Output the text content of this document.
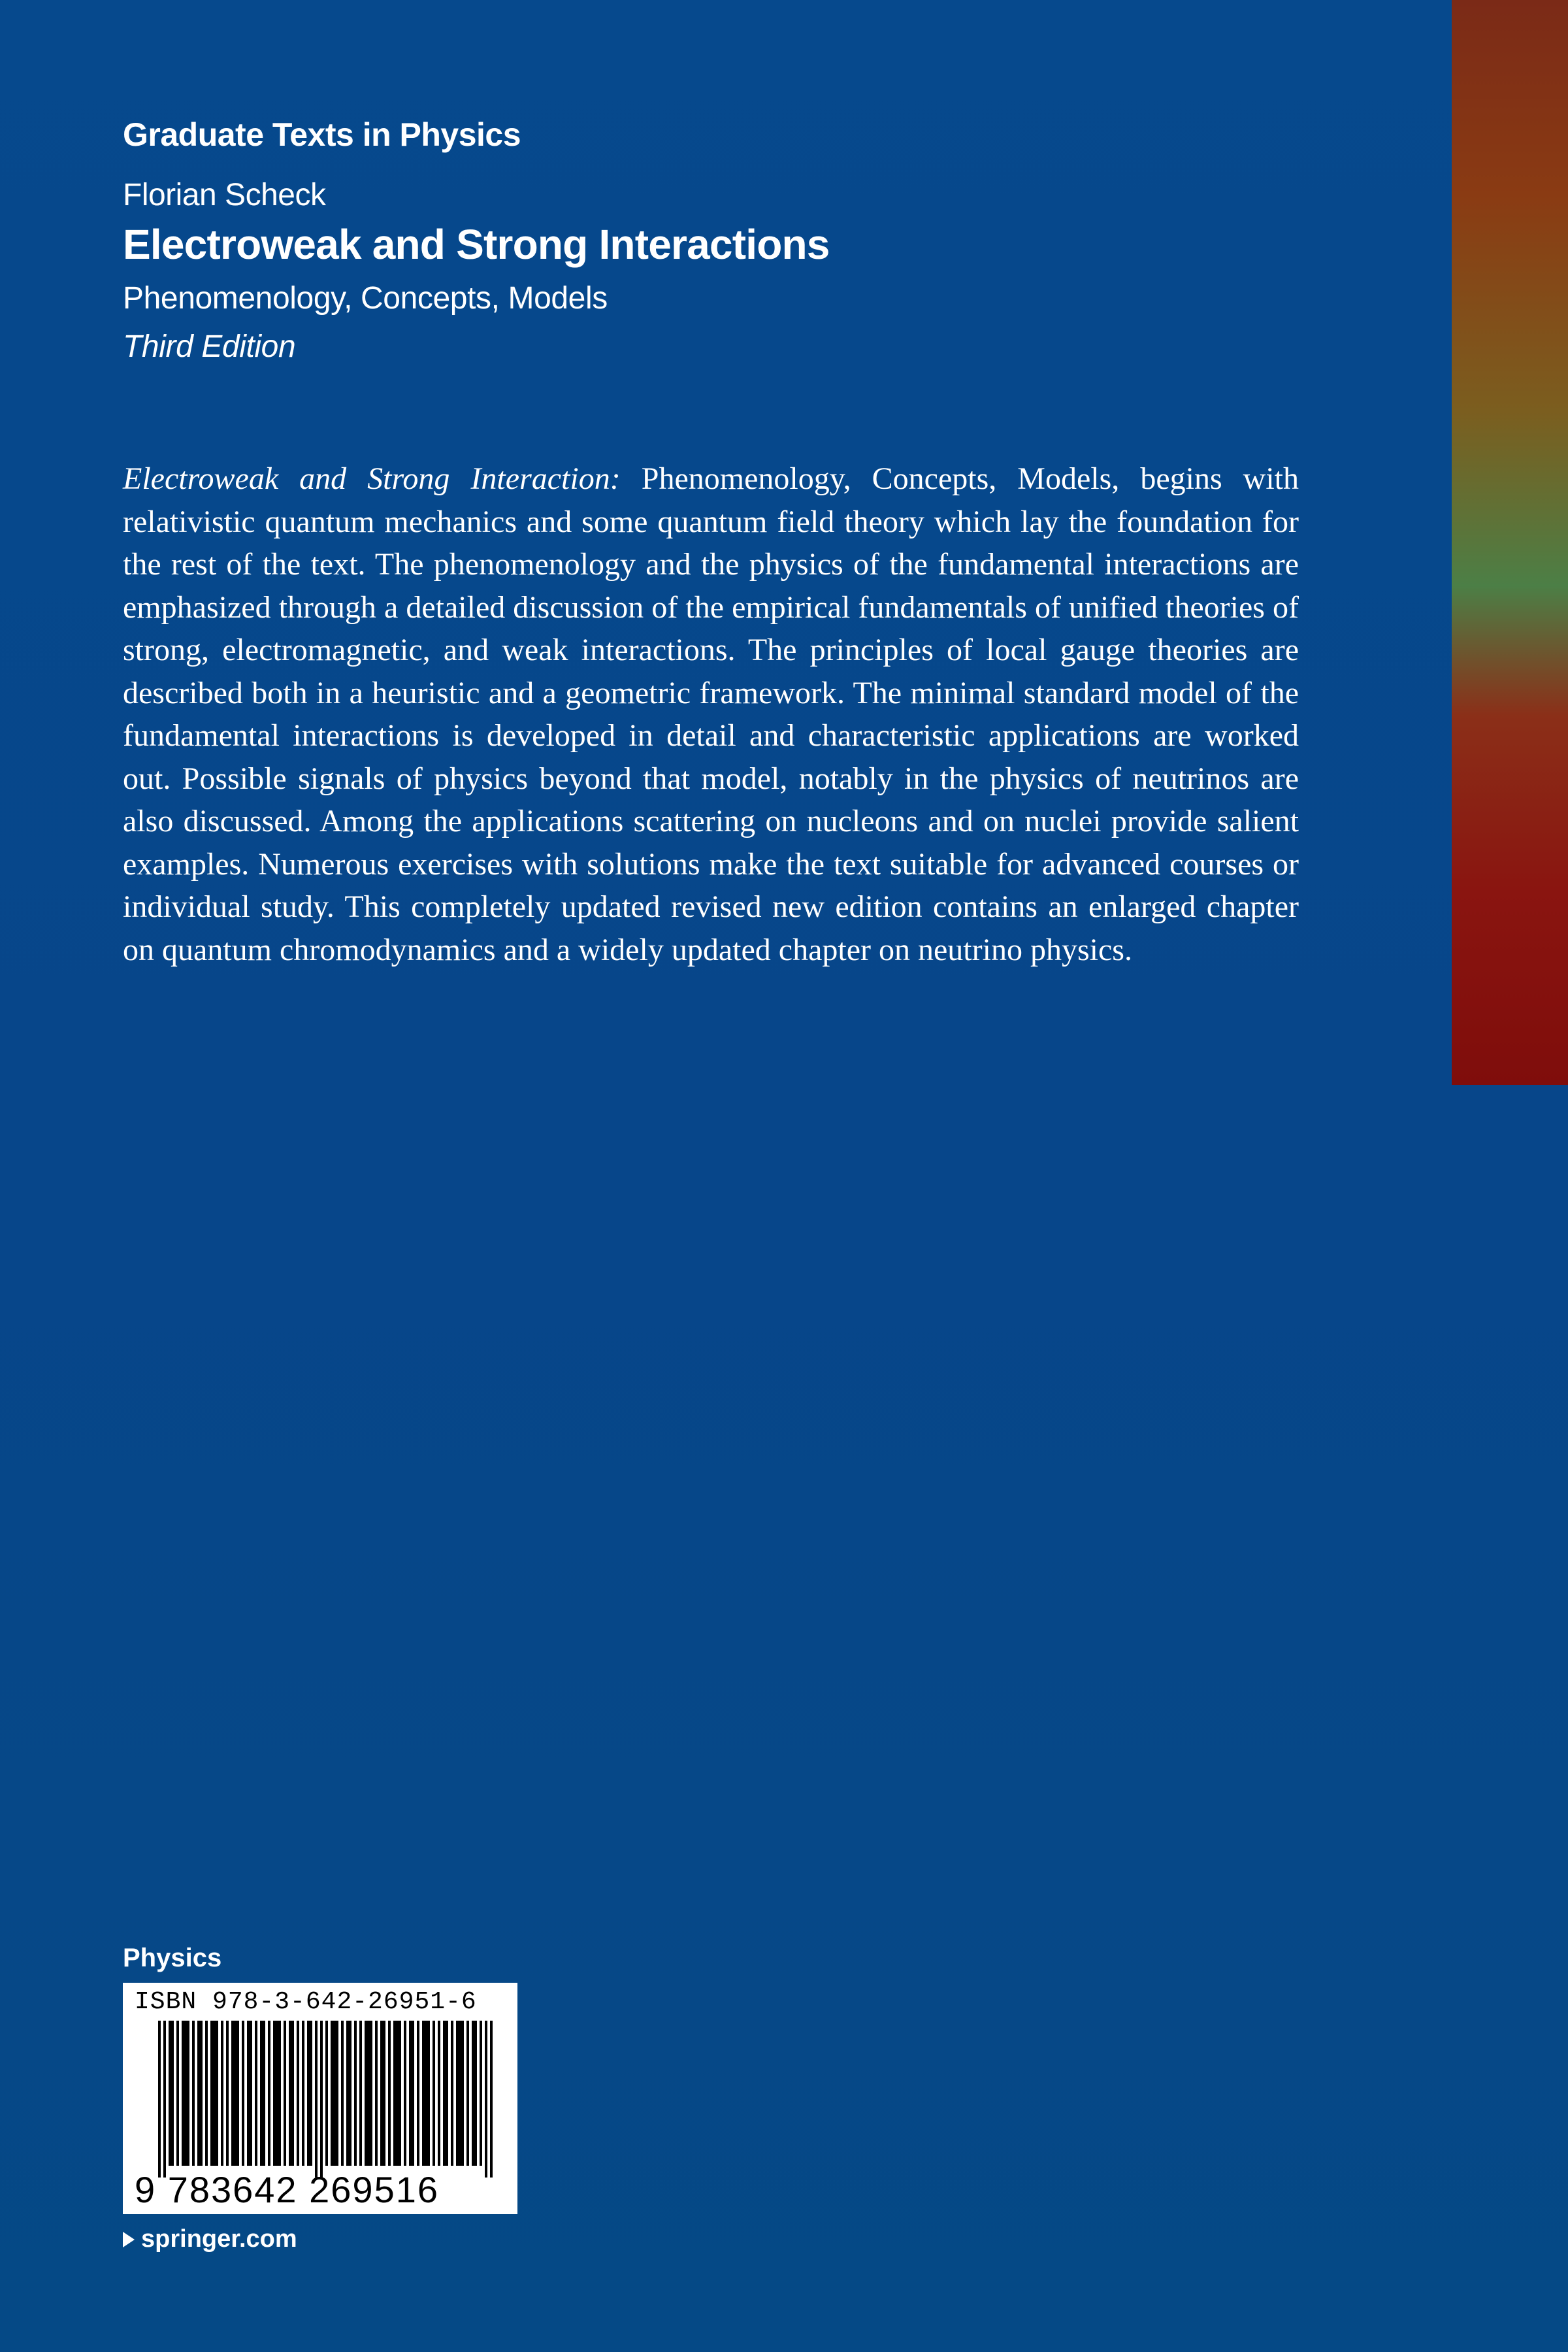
Graduate Texts in Physics
Florian Scheck
Electroweak and Strong Interactions
Phenomenology, Concepts, Models
Third Edition

Electroweak and Strong Interaction: Phenomenology, Concepts, Models, begins with relativistic quantum mechanics and some quantum field theory which lay the foundation for the rest of the text. The phenomenology and the physics of the fundamental interactions are emphasized through a detailed discussion of the empirical fundamentals of unified theories of strong, electromagnetic, and weak interactions. The principles of local gauge theories are described both in a heuristic and a geometric framework. The minimal standard model of the fundamental interactions is developed in detail and characteristic applications are worked out. Possible signals of physics beyond that model, notably in the physics of neutrinos are also discussed. Among the applications scattering on nucleons and on nuclei provide salient examples. Numerous exercises with solutions make the text suitable for advanced courses or individual study. This completely updated revised new edition contains an enlarged chapter on quantum chromodynamics and a widely updated chapter on neutrino physics.

Physics
ISBN 978-3-642-26951-6
9 783642 269516
springer.com
